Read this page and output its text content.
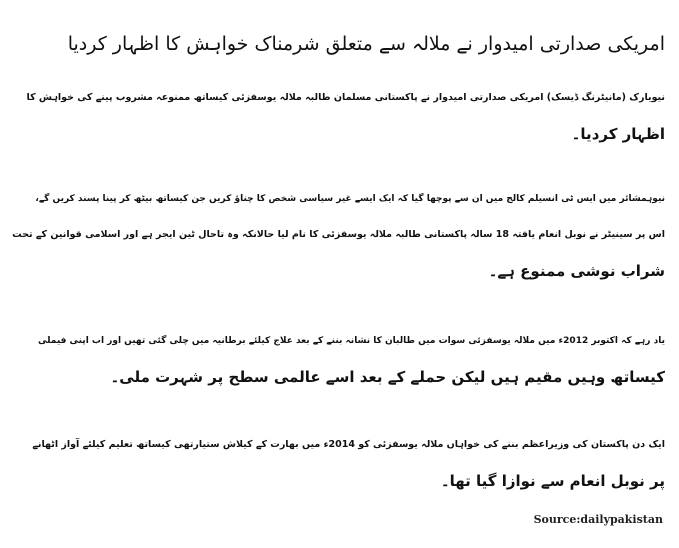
امریکی صدارتی امیدوار نے ملالہ سے متعلق شرمناک خواہش کا اظہار کردیا
نیویارک (مانیٹرنگ ڈیسک) امریکی صدارتی امیدوار نے پاکستانی مسلمان طالبہ ملالہ یوسفزئی کیساتھ ممنوعہ مشروب پینے کی خواہش کا
اظہار کردیا۔
نیوہمشائر میں ایس ٹی انسیلم کالج میں ان سے پوچھا گیا کہ ایک ایسے غیر سیاسی شخص کا چناؤ کریں جن کیساتھ بیٹھ کر پینا پسند کریں گے،
اس پر سینیٹر نے نوبل انعام یافتہ 18 سالہ پاکستانی طالبہ ملالہ یوسفزئی کا نام لیا حالانکہ وہ تاحال ٹین ایجر ہے اور اسلامی قوانین کے تحت
شراب نوشی ممنوع ہے۔
یاد رہے کہ اکتوبر 2012ء میں ملالہ یوسفزئی سوات میں طالبان کا نشانہ بننے کے بعد علاج کیلئے برطانیہ میں چلی گئی تھیں اور اب اپنی فیملی
کیساتھ وہیں مقیم ہیں لیکن حملے کے بعد اسے عالمی سطح پر شہرت ملی۔
ایک دن پاکستان کی وزیراعظم بننے کی خواہاں ملالہ یوسفزئی کو 2014ء میں بھارت کے کیلاش ستیارتھی کیساتھ تعلیم کیلئے آواز اٹھانے
پر نوبل انعام سے نوازا گیا تھا۔

Source:dailypakistan
